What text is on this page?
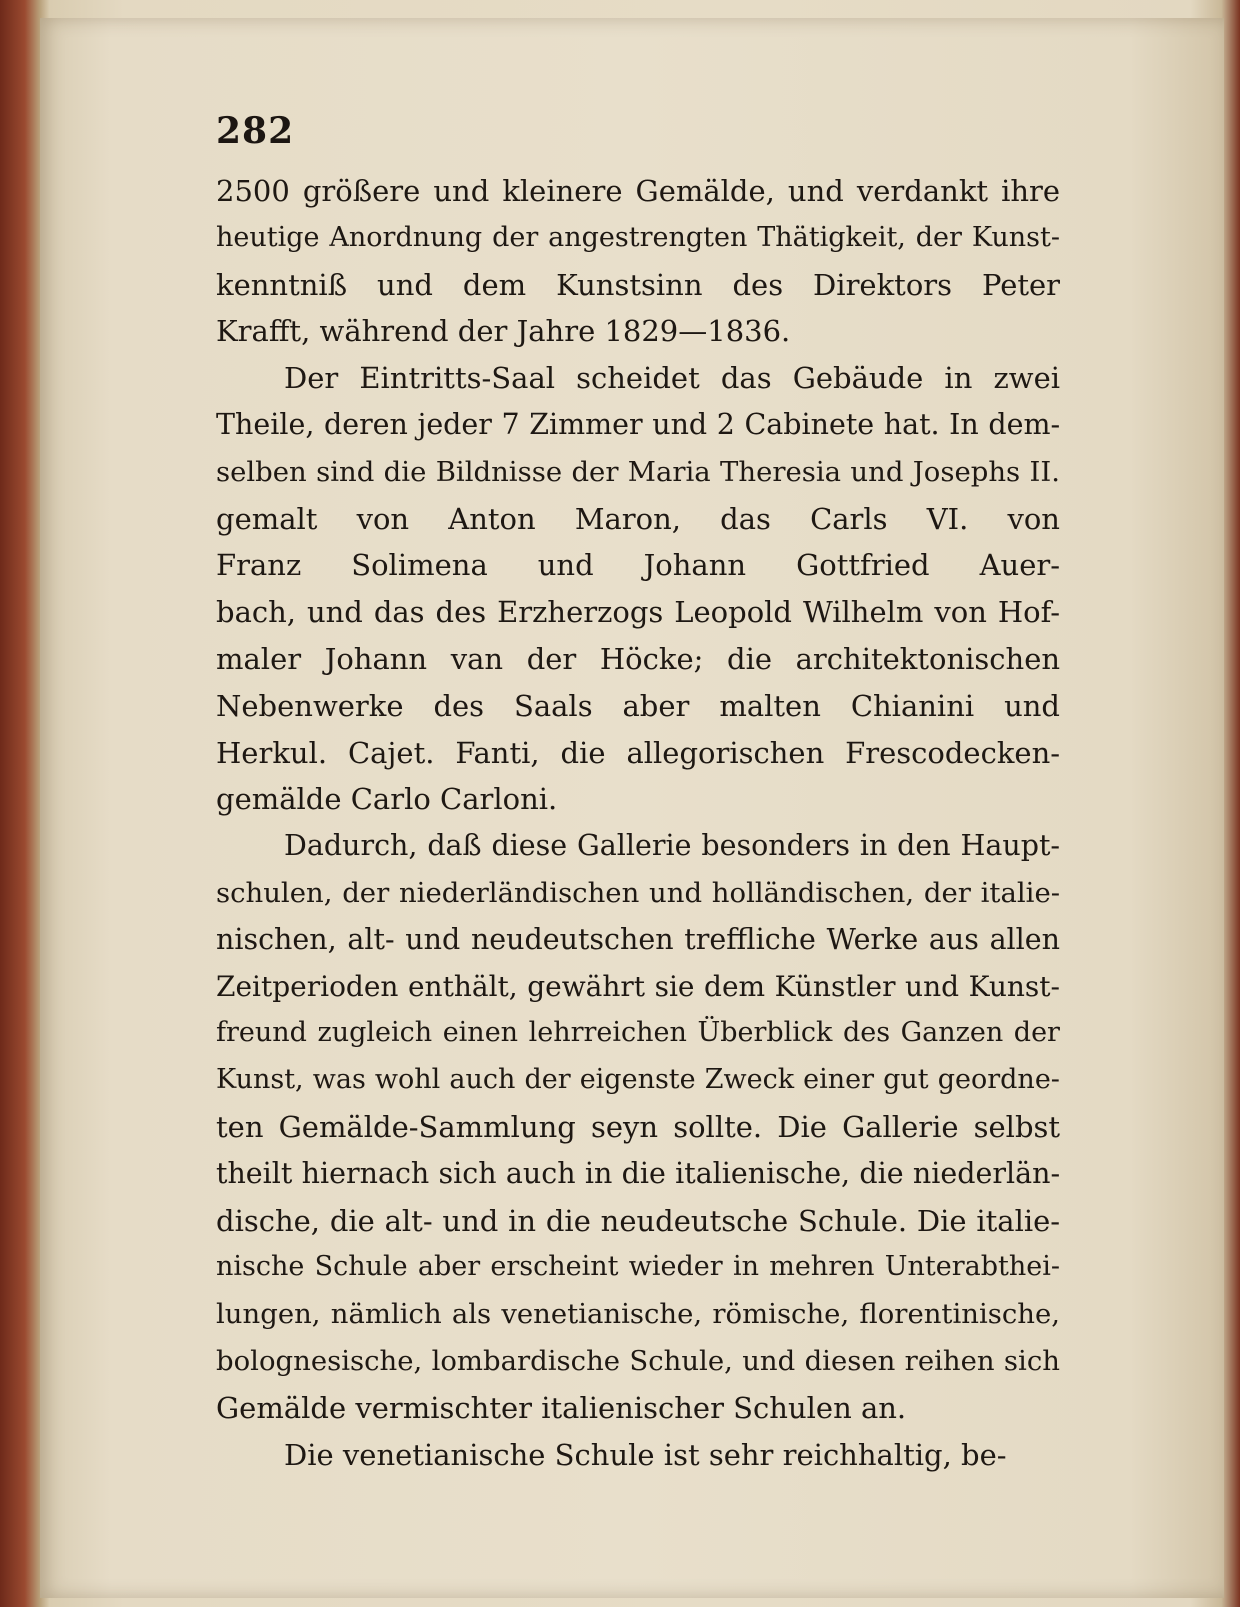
282
2500 größere und kleinere Gemälde, und verdankt ihre
heutige Anordnung der angestrengten Thätigkeit, der Kunst-
kenntniß und dem Kunstsinn des Direktors Peter
Krafft, während der Jahre 1829—1836.
Der Eintritts-Saal scheidet das Gebäude in zwei
Theile, deren jeder 7 Zimmer und 2 Cabinete hat. In dem-
selben sind die Bildnisse der Maria Theresia und Josephs II.
gemalt von Anton Maron, das Carls VI. von
Franz Solimena und Johann Gottfried Auer-
bach, und das des Erzherzogs Leopold Wilhelm von Hof-
maler Johann van der Höcke; die architektonischen
Nebenwerke des Saals aber malten Chianini und
Herkul. Cajet. Fanti, die allegorischen Frescodecken-
gemälde Carlo Carloni.
Dadurch, daß diese Gallerie besonders in den Haupt-
schulen, der niederländischen und holländischen, der italie-
nischen, alt- und neudeutschen treffliche Werke aus allen
Zeitperioden enthält, gewährt sie dem Künstler und Kunst-
freund zugleich einen lehrreichen Überblick des Ganzen der
Kunst, was wohl auch der eigenste Zweck einer gut geordne-
ten Gemälde-Sammlung seyn sollte. Die Gallerie selbst
theilt hiernach sich auch in die italienische, die niederlän-
dische, die alt- und in die neudeutsche Schule. Die italie-
nische Schule aber erscheint wieder in mehren Unterabthei-
lungen, nämlich als venetianische, römische, florentinische,
bolognesische, lombardische Schule, und diesen reihen sich
Gemälde vermischter italienischer Schulen an.
Die venetianische Schule ist sehr reichhaltig, be-
